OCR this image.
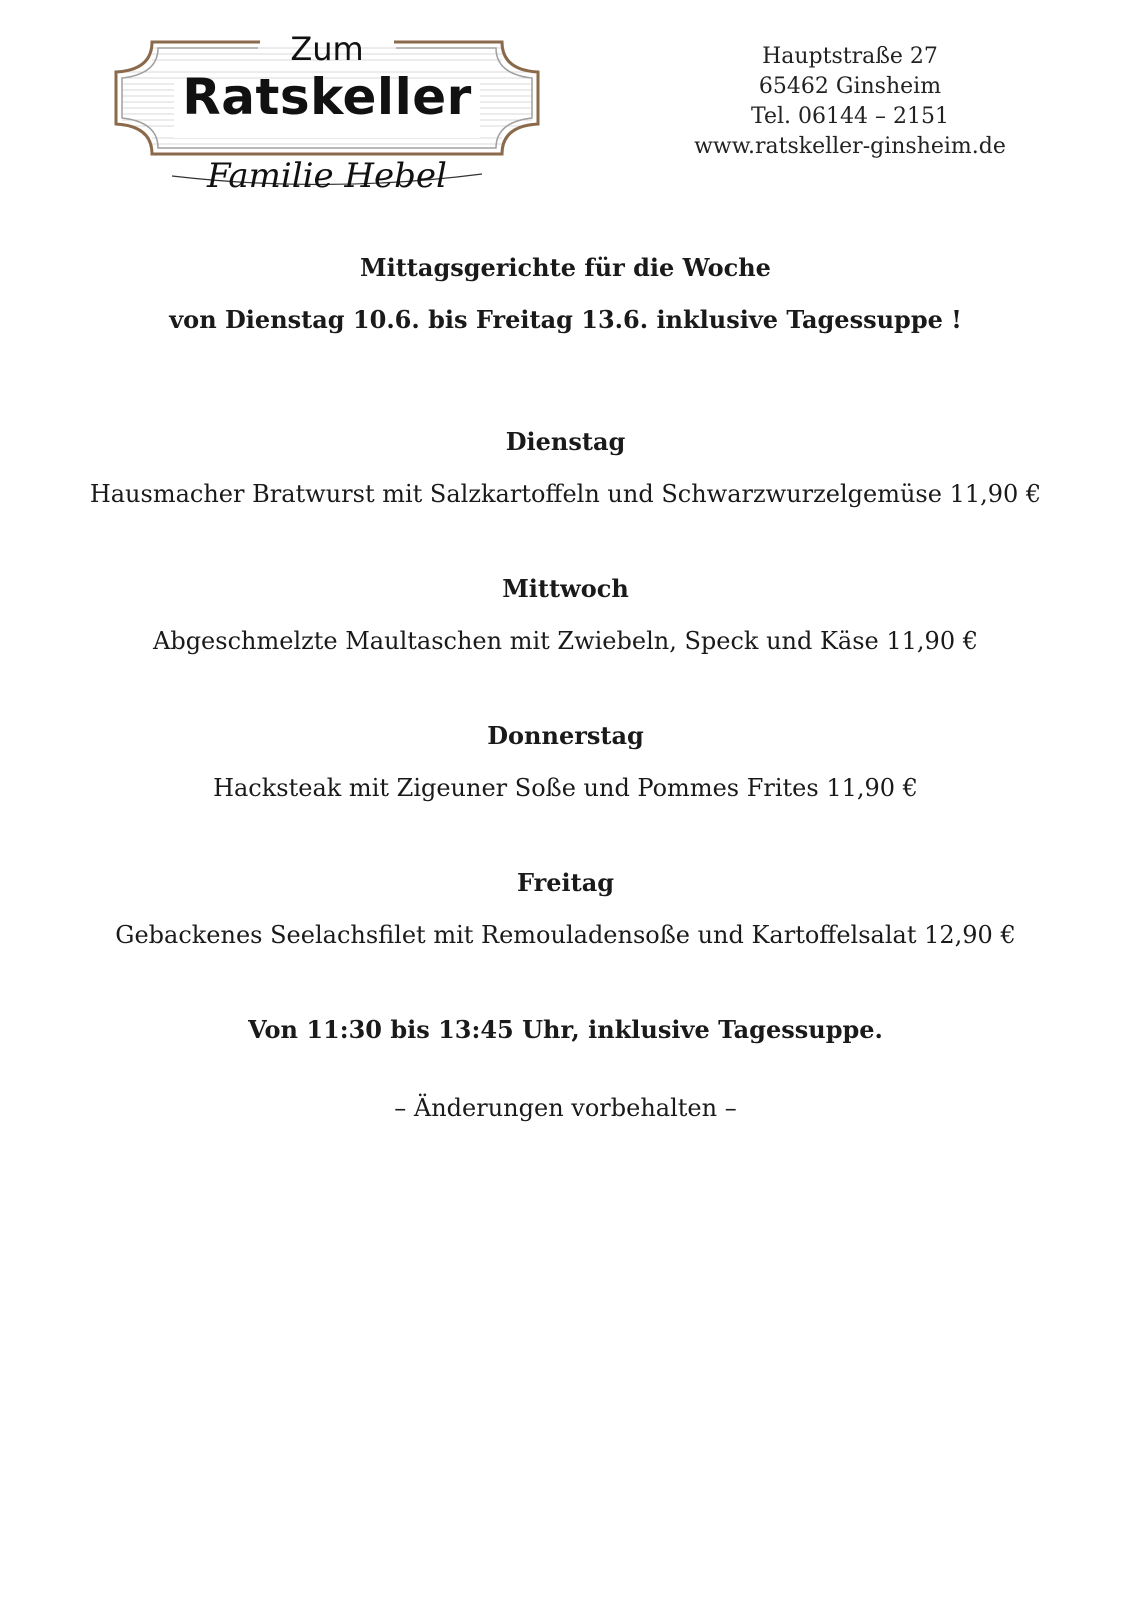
Zum
Ratskeller
Familie Hebel
Hauptstraße 27
65462 Ginsheim
Tel. 06144 – 2151
www.ratskeller-ginsheim.de
Mittagsgerichte für die Woche
von Dienstag 10.6. bis Freitag 13.6. inklusive Tagessuppe !
Dienstag
Hausmacher Bratwurst mit Salzkartoffeln und Schwarzwurzelgemüse 11,90 €
Mittwoch
Abgeschmelzte Maultaschen mit Zwiebeln, Speck und Käse 11,90 €
Donnerstag
Hacksteak mit Zigeuner Soße und Pommes Frites 11,90 €
Freitag
Gebackenes Seelachsfilet mit Remouladensoße und Kartoffelsalat 12,90 €
Von 11:30 bis 13:45 Uhr, inklusive Tagessuppe.
– Änderungen vorbehalten –
